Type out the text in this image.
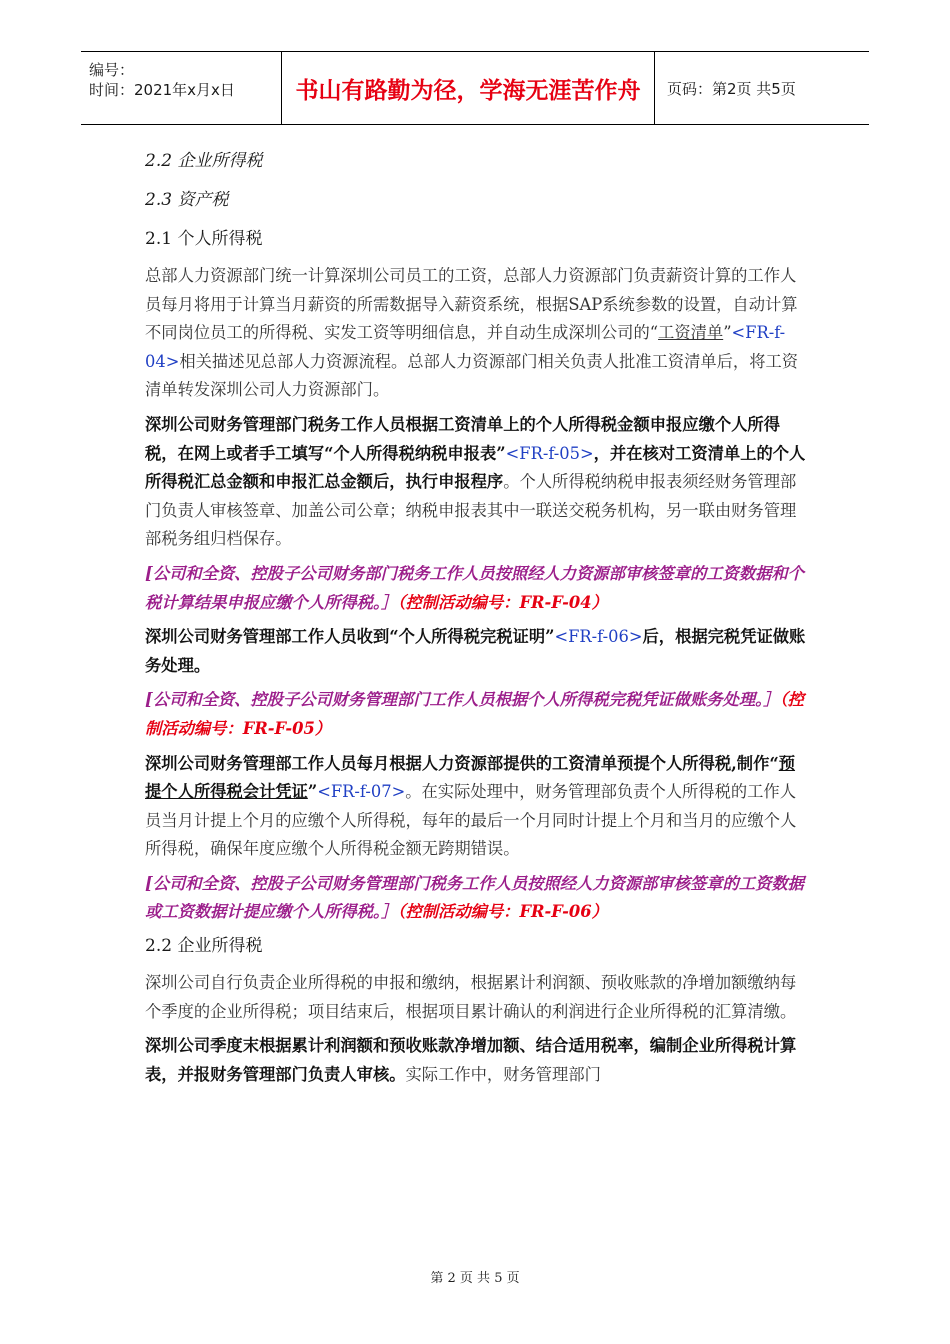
编号：
时间：2021年x月x日	书山有路勤为径，学海无涯苦作舟	页码：第2页 共5页
2.2 企业所得税
2.3 资产税
2.1 个人所得税

总部人力资源部门统一计算深圳公司员工的工资，总部人力资源部门负责薪资计算的工作人员每月将用于计算当月薪资的所需数据导入薪资系统，根据SAP系统参数的设置，自动计算不同岗位员工的所得税、实发工资等明细信息，并自动生成深圳公司的“工资清单”<FR-f-04>相关描述见总部人力资源流程。总部人力资源部门相关负责人批准工资清单后，将工资清单转发深圳公司人力资源部门。

深圳公司财务管理部门税务工作人员根据工资清单上的个人所得税金额申报应缴个人所得税，在网上或者手工填写“个人所得税纳税申报表”<FR-f-05>，并在核对工资清单上的个人所得税汇总金额和申报汇总金额后，执行申报程序。个人所得税纳税申报表须经财务管理部门负责人审核签章、加盖公司公章；纳税申报表其中一联送交税务机构，另一联由财务管理部税务组归档保存。

[公司和全资、控股子公司财务部门税务工作人员按照经人力资源部审核签章的工资数据和个税计算结果申报应缴个人所得税。］（控制活动编号：FR-F-04）

深圳公司财务管理部工作人员收到“个人所得税完税证明”<FR-f-06>后，根据完税凭证做账务处理。

[公司和全资、控股子公司财务管理部门工作人员根据个人所得税完税凭证做账务处理。］（控制活动编号：FR-F-05）

深圳公司财务管理部工作人员每月根据人力资源部提供的工资清单预提个人所得税,制作“预提个人所得税会计凭证”<FR-f-07>。在实际处理中，财务管理部负责个人所得税的工作人员当月计提上个月的应缴个人所得税，每年的最后一个月同时计提上个月和当月的应缴个人所得税，确保年度应缴个人所得税金额无跨期错误。

[公司和全资、控股子公司财务管理部门税务工作人员按照经人力资源部审核签章的工资数据或工资数据计提应缴个人所得税。］（控制活动编号：FR-F-06）
2.2 企业所得税

深圳公司自行负责企业所得税的申报和缴纳，根据累计利润额、预收账款的净增加额缴纳每个季度的企业所得税；项目结束后，根据项目累计确认的利润进行企业所得税的汇算清缴。

深圳公司季度末根据累计利润额和预收账款净增加额、结合适用税率，编制企业所得税计算表，并报财务管理部门负责人审核。实际工作中，财务管理部门

第 2 页 共 5 页
